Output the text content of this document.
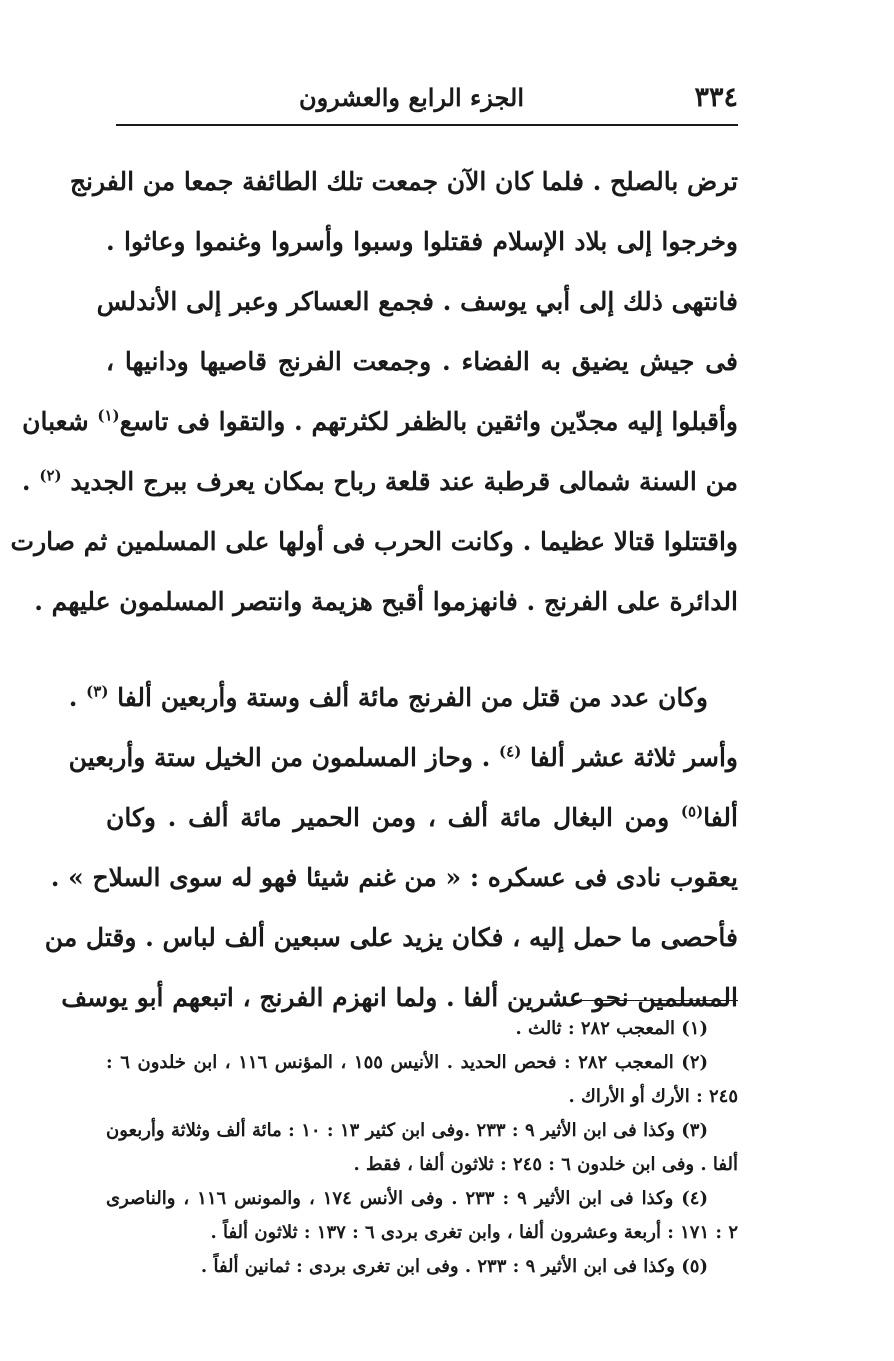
٣٣٤
الجزء الرابع والعشرون
ترض بالصلح . فلما كان الآن جمعت تلك الطائفة جمعا من الفرنج
وخرجوا إلى بلاد الإسلام فقتلوا وسبوا وأسروا وغنموا وعاثوا .
فانتهى ذلك إلى أبي يوسف . فجمع العساكر وعبر إلى الأندلس
فى جيش يضيق به الفضاء . وجمعت الفرنج قاصيها ودانيها ،
وأقبلوا إليه مجدّين واثقين بالظفر لكثرتهم . والتقوا فى تاسع$^{(١)}$ شعبان
من السنة شمالى قرطبة عند قلعة رباح بمكان يعرف ببرج الجديد $^{(٢)}$ .
واقتتلوا قتالا عظيما . وكانت الحرب فى أولها على المسلمين ثم صارت
الدائرة على الفرنج . فانهزموا أقبح هزيمة وانتصر المسلمون عليهم .
وكان عدد من قتل من الفرنج مائة ألف وستة وأربعين ألفا $^{(٣)}$ .
وأسر ثلاثة عشر ألفا $^{(٤)}$ . وحاز المسلمون من الخيل ستة وأربعين
ألفا$^{(٥)}$ ومن البغال مائة ألف ، ومن الحمير مائة ألف . وكان
يعقوب نادى فى عسكره : « من غنم شيئا فهو له سوى السلاح » .
فأحصى ما حمل إليه ، فكان يزيد على سبعين ألف لباس . وقتل من
المسلمين نحو عشرين ألفا . ولما انهزم الفرنج ، اتبعهم أبو يوسف
(١) المعجب ٢٨٢ : ثالث .
(٢) المعجب ٢٨٢ : فحص الحديد . الأنيس ١٥٥ ، المؤنس ١١٦ ، ابن خلدون ٦ :
٢٤٥ : الأرك أو الأراك .
(٣) وكذا فى ابن الأثير ٩ : ٢٣٣ .وفى ابن كثير ١٣ : ١٠ : مائة ألف وثلاثة وأربعون
ألفا . وفى ابن خلدون ٦ : ٢٤٥ : ثلاثون ألفا ، فقط .
(٤) وكذا فى ابن الأثير ٩ : ٢٣٣ . وفى الأنس ١٧٤ ، والمونس ١١٦ ، والناصرى
٢ : ١٧١ : أربعة وعشرون ألفا ، وابن تغرى بردى ٦ : ١٣٧ : ثلاثون ألفاً .
(٥) وكذا فى ابن الأثير ٩ : ٢٣٣ . وفى ابن تغرى بردى : ثمانين ألفاً .
